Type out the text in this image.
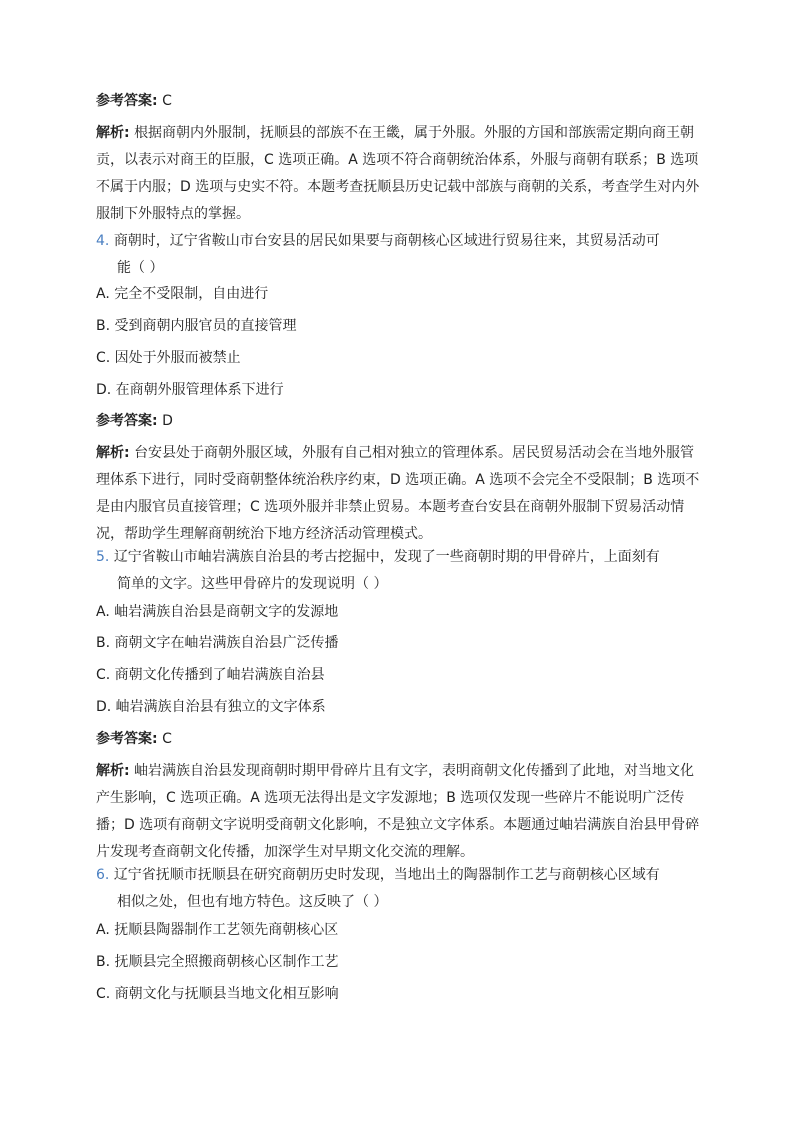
参考答案: C

解析: 根据商朝内外服制，抚顺县的部族不在王畿，属于外服。外服的方国和部族需定期向商王朝贡，以表示对商王的臣服，C 选项正确。A 选项不符合商朝统治体系，外服与商朝有联系；B 选项不属于内服；D 选项与史实不符。本题考查抚顺县历史记载中部族与商朝的关系，考查学生对内外服制下外服特点的掌握。

4. 商朝时，辽宁省鞍山市台安县的居民如果要与商朝核心区域进行贸易往来，其贸易活动可
能（ ）

A. 完全不受限制，自由进行

B. 受到商朝内服官员的直接管理

C. 因处于外服而被禁止

D. 在商朝外服管理体系下进行

参考答案: D

解析: 台安县处于商朝外服区域，外服有自己相对独立的管理体系。居民贸易活动会在当地外服管理体系下进行，同时受商朝整体统治秩序约束，D 选项正确。A 选项不会完全不受限制；B 选项不是由内服官员直接管理；C 选项外服并非禁止贸易。本题考查台安县在商朝外服制下贸易活动情况，帮助学生理解商朝统治下地方经济活动管理模式。

5. 辽宁省鞍山市岫岩满族自治县的考古挖掘中，发现了一些商朝时期的甲骨碎片，上面刻有
简单的文字。这些甲骨碎片的发现说明（ ）

A. 岫岩满族自治县是商朝文字的发源地

B. 商朝文字在岫岩满族自治县广泛传播

C. 商朝文化传播到了岫岩满族自治县

D. 岫岩满族自治县有独立的文字体系

参考答案: C

解析: 岫岩满族自治县发现商朝时期甲骨碎片且有文字，表明商朝文化传播到了此地，对当地文化产生影响，C 选项正确。A 选项无法得出是文字发源地；B 选项仅发现一些碎片不能说明广泛传播；D 选项有商朝文字说明受商朝文化影响，不是独立文字体系。本题通过岫岩满族自治县甲骨碎片发现考查商朝文化传播，加深学生对早期文化交流的理解。

6. 辽宁省抚顺市抚顺县在研究商朝历史时发现，当地出土的陶器制作工艺与商朝核心区域有
相似之处，但也有地方特色。这反映了（ ）

A. 抚顺县陶器制作工艺领先商朝核心区

B. 抚顺县完全照搬商朝核心区制作工艺

C. 商朝文化与抚顺县当地文化相互影响
